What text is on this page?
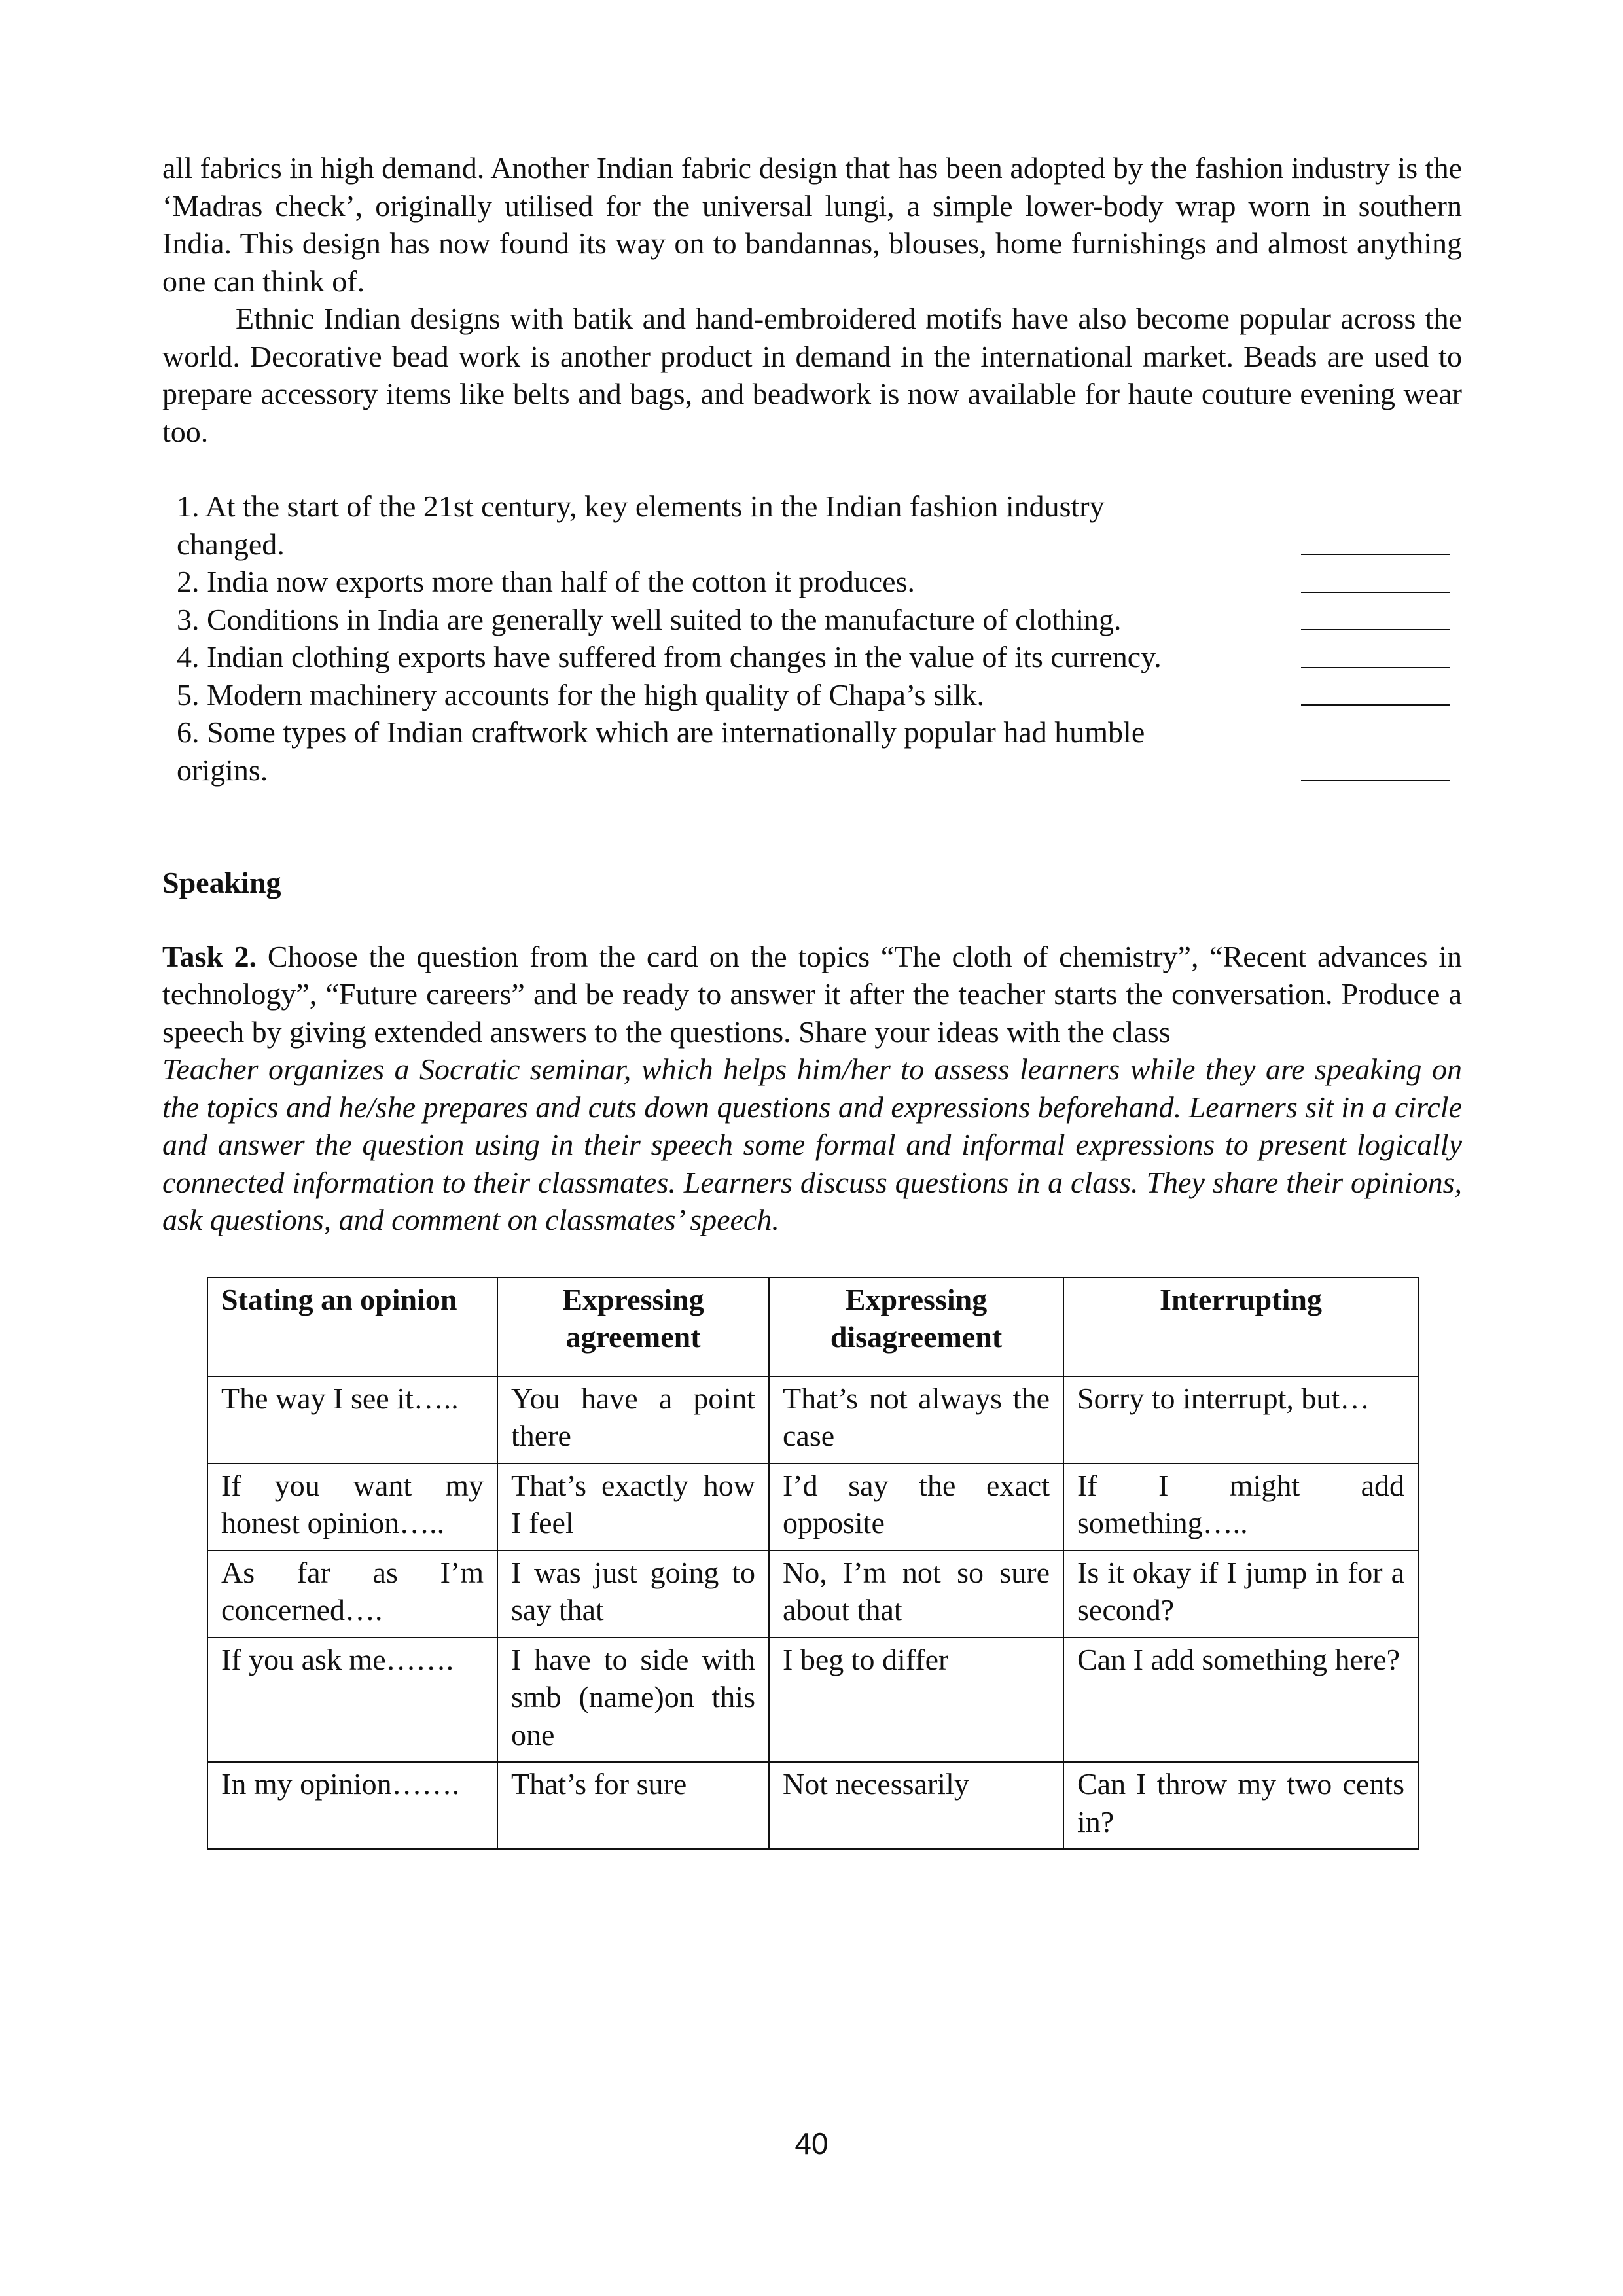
all fabrics in high demand. Another Indian fabric design that has been adopted by the fashion industry is the ‘Madras check’, originally utilised for the universal lungi, a simple lower-body wrap worn in southern India. This design has now found its way on to bandannas, blouses, home furnishings and almost anything one can think of.

Ethnic Indian designs with batik and hand-embroidered motifs have also become popular across the world. Decorative bead work is another product in demand in the international market. Beads are used to prepare accessory items like belts and bags, and beadwork is now available for haute couture evening wear too.

1. At the start of the 21st century, key elements in the Indian fashion industry
changed.
2. India now exports more than half of the cotton it produces.
3. Conditions in India are generally well suited to the manufacture of clothing.
4. Indian clothing exports have suffered from changes in the value of its currency.
5. Modern machinery accounts for the high quality of Chapa’s silk.
6. Some types of Indian craftwork which are internationally popular had humble
origins.
Speaking

Task 2. Choose the question from the card on the topics “The cloth of chemistry”, “Recent advances in technology”, “Future careers” and be ready to answer it after the teacher starts the conversation. Produce a speech by giving extended answers to the questions. Share your ideas with the class

Teacher organizes a Socratic seminar, which helps him/her to assess learners while they are speaking on the topics and he/she prepares and cuts down questions and expressions beforehand. Learners sit in a circle and answer the question using in their speech some formal and informal expressions to present logically connected information to their classmates. Learners discuss questions in a class. They share their opinions, ask questions, and comment on classmates’ speech.

Stating an opinion	Expressing agreement	Expressing disagreement	Interrupting
The way I see it…..	You have a point there	That’s not always the case	Sorry to interrupt, but…
If you want my honest opinion…..	That’s exactly how I feel	I’d say the exact opposite	If I might add something…..
As far as I’m concerned….	I was just going to say that	No, I’m not so sure about that	Is it okay if I jump in for a second?
If you ask me…….	I have to side with smb (name)on this one	I beg to differ	Can I add something here?
In my opinion…….	That’s for sure	Not necessarily	Can I throw my two cents in?
40
